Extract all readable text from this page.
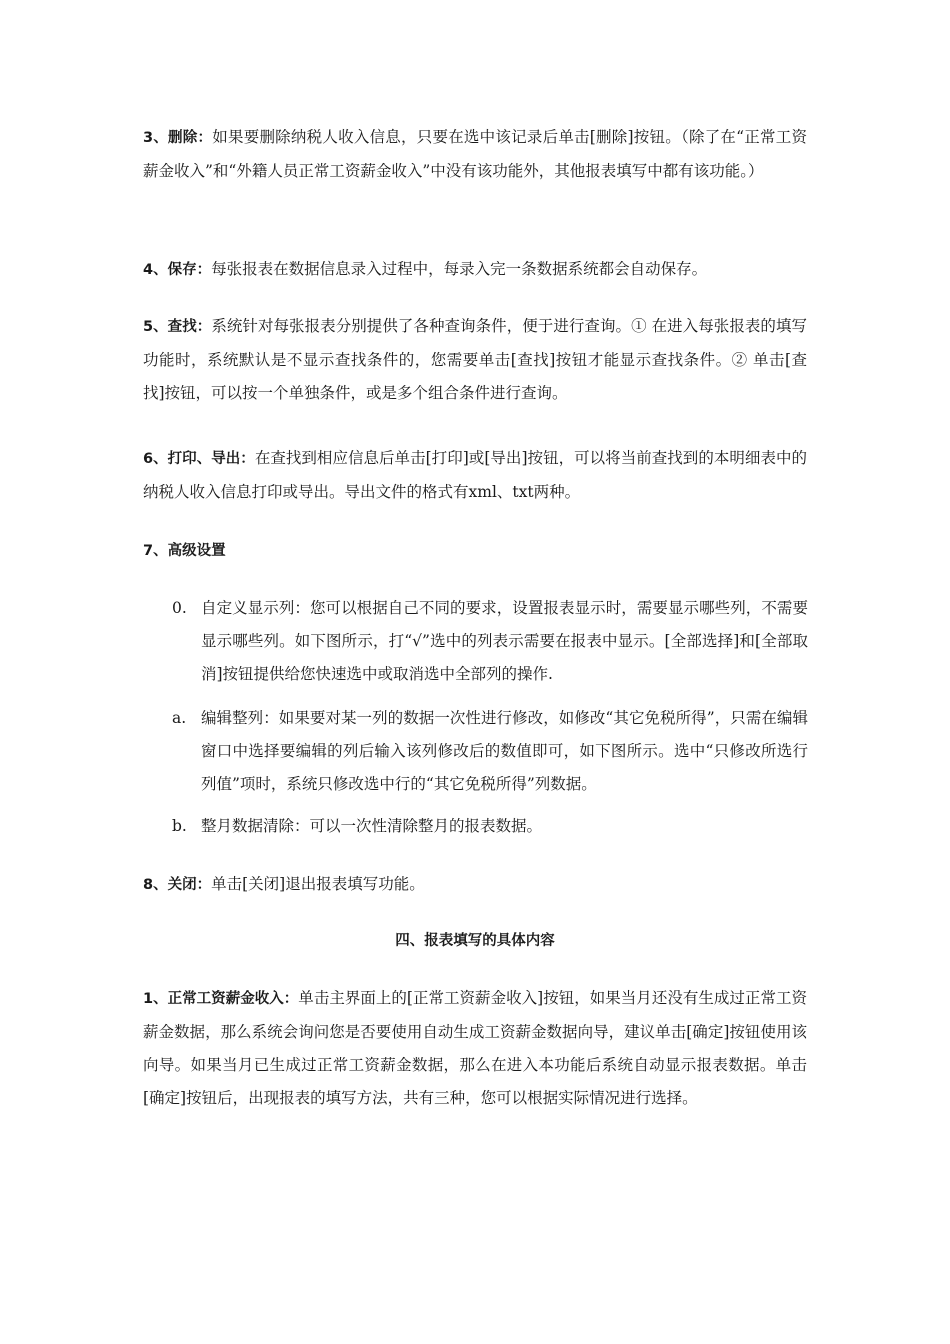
3、删除：如果要删除纳税人收入信息，只要在选中该记录后单击[删除]按钮。（除了在“正常工资薪金收入”和“外籍人员正常工资薪金收入”中没有该功能外，其他报表填写中都有该功能。）

4、保存：每张报表在数据信息录入过程中，每录入完一条数据系统都会自动保存。

5、查找：系统针对每张报表分别提供了各种查询条件，便于进行查询。① 在进入每张报表的填写功能时，系统默认是不显示查找条件的，您需要单击[查找]按钮才能显示查找条件。② 单击[查找]按钮，可以按一个单独条件，或是多个组合条件进行查询。

6、打印、导出：在查找到相应信息后单击[打印]或[导出]按钮，可以将当前查找到的本明细表中的纳税人收入信息打印或导出。导出文件的格式有xml、txt两种。

7、高级设置

0. 自定义显示列：您可以根据自己不同的要求，设置报表显示时，需要显示哪些列，不需要显示哪些列。如下图所示，打“√”选中的列表示需要在报表中显示。[全部选择]和[全部取消]按钮提供给您快速选中或取消选中全部列的操作.

a. 编辑整列：如果要对某一列的数据一次性进行修改，如修改“其它免税所得”，只需在编辑窗口中选择要编辑的列后输入该列修改后的数值即可，如下图所示。选中“只修改所选行列值”项时，系统只修改选中行的“其它免税所得”列数据。

b. 整月数据清除：可以一次性清除整月的报表数据。

8、关闭：单击[关闭]退出报表填写功能。

四、报表填写的具体内容

1、正常工资薪金收入：单击主界面上的[正常工资薪金收入]按钮，如果当月还没有生成过正常工资薪金数据，那么系统会询问您是否要使用自动生成工资薪金数据向导，建议单击[确定]按钮使用该向导。如果当月已生成过正常工资薪金数据，那么在进入本功能后系统自动显示报表数据。单击[确定]按钮后，出现报表的填写方法，共有三种，您可以根据实际情况进行选择。
